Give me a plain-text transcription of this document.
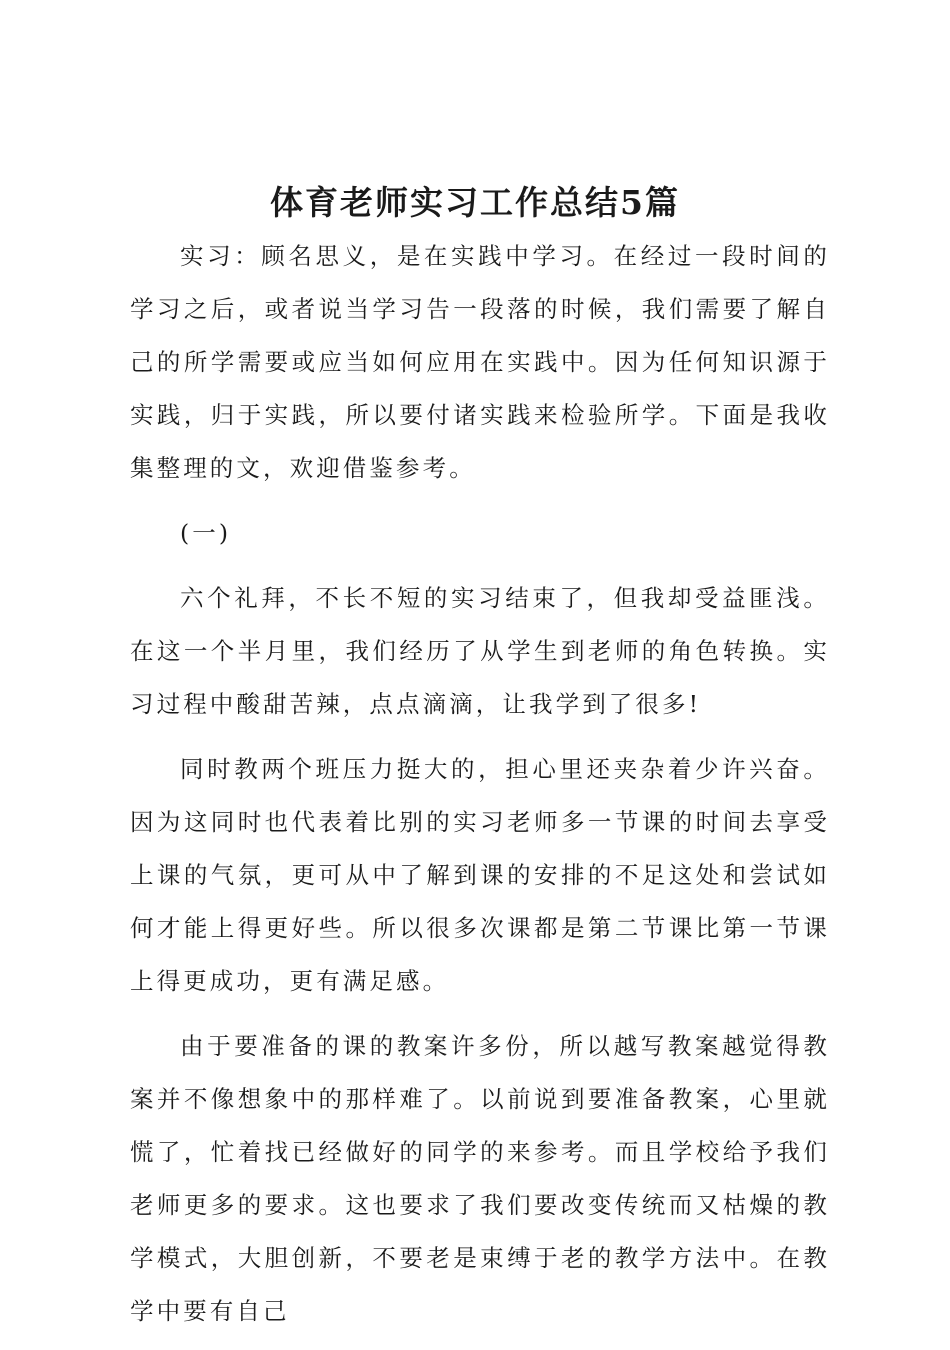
体育老师实习工作总结5篇

实习：顾名思义，是在实践中学习。在经过一段时间的学习之后，或者说当学习告一段落的时候，我们需要了解自己的所学需要或应当如何应用在实践中。因为任何知识源于实践，归于实践，所以要付诸实践来检验所学。下面是我收集整理的文，欢迎借鉴参考。

(一)

六个礼拜，不长不短的实习结束了，但我却受益匪浅。在这一个半月里，我们经历了从学生到老师的角色转换。实习过程中酸甜苦辣，点点滴滴，让我学到了很多!

同时教两个班压力挺大的，担心里还夹杂着少许兴奋。因为这同时也代表着比别的实习老师多一节课的时间去享受上课的气氛，更可从中了解到课的安排的不足这处和尝试如何才能上得更好些。所以很多次课都是第二节课比第一节课上得更成功，更有满足感。

由于要准备的课的教案许多份，所以越写教案越觉得教案并不像想象中的那样难了。以前说到要准备教案，心里就慌了，忙着找已经做好的同学的来参考。而且学校给予我们老师更多的要求。这也要求了我们要改变传统而又枯燥的教学模式，大胆创新，不要老是束缚于老的教学方法中。在教学中要有自己
